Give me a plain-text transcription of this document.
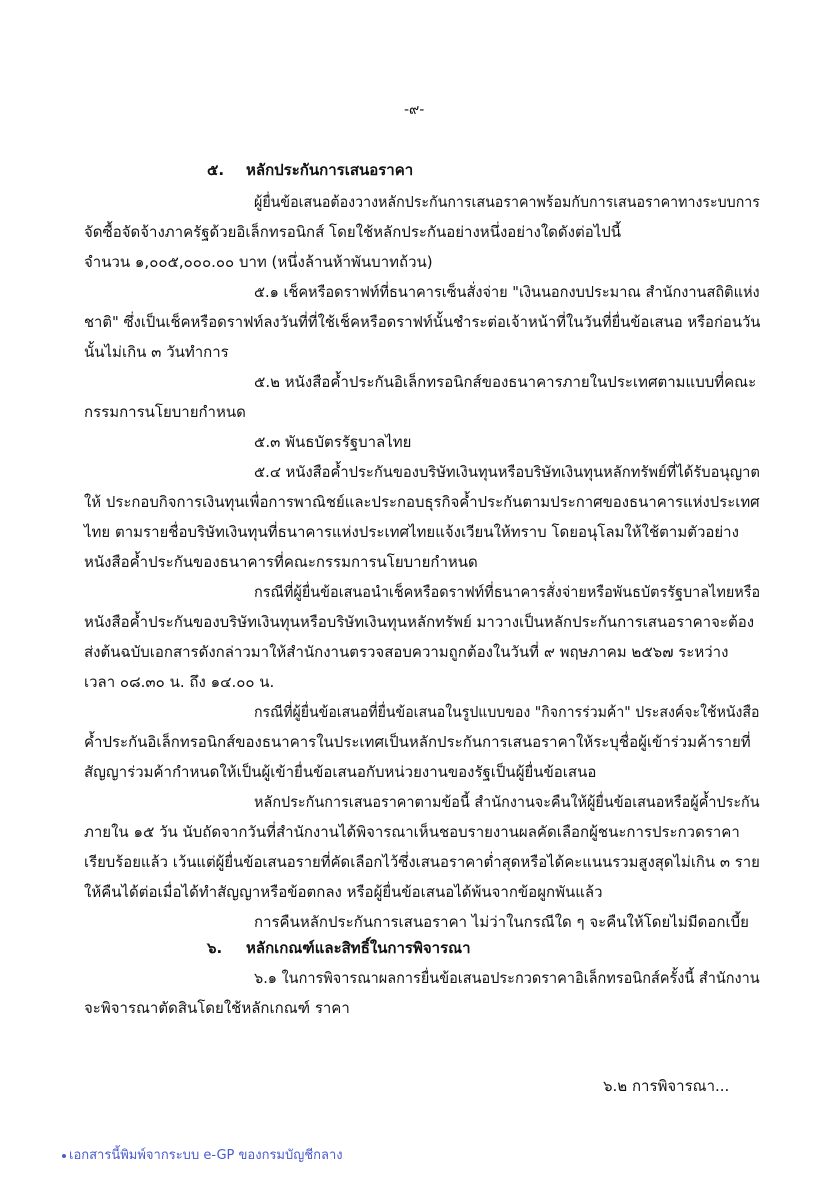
-๙-
๕. หลักประกันการเสนอราคา
ผู้ยื่นข้อเสนอต้องวางหลักประกันการเสนอราคาพร้อมกับการเสนอราคาทางระบบการ
จัดซื้อจัดจ้างภาครัฐด้วยอิเล็กทรอนิกส์ โดยใช้หลักประกันอย่างหนึ่งอย่างใดดังต่อไปนี้
จำนวน ๑,๐๐๕,๐๐๐.๐๐ บาท (หนึ่งล้านห้าพันบาทถ้วน)
๕.๑ เช็คหรือดราฟท์ที่ธนาคารเซ็นสั่งจ่าย "เงินนอกงบประมาณ สำนักงานสถิติแห่ง
ชาติ" ซึ่งเป็นเช็คหรือดราฟท์ลงวันที่ที่ใช้เช็คหรือดราฟท์นั้นชำระต่อเจ้าหน้าที่ในวันที่ยื่นข้อเสนอ หรือก่อนวัน
นั้นไม่เกิน ๓ วันทำการ
๕.๒ หนังสือค้ำประกันอิเล็กทรอนิกส์ของธนาคารภายในประเทศตามแบบที่คณะ
กรรมการนโยบายกำหนด
๕.๓ พันธบัตรรัฐบาลไทย
๕.๔ หนังสือค้ำประกันของบริษัทเงินทุนหรือบริษัทเงินทุนหลักทรัพย์ที่ได้รับอนุญาต
ให้ ประกอบกิจการเงินทุนเพื่อการพาณิชย์และประกอบธุรกิจค้ำประกันตามประกาศของธนาคารแห่งประเทศ
ไทย ตามรายชื่อบริษัทเงินทุนที่ธนาคารแห่งประเทศไทยแจ้งเวียนให้ทราบ โดยอนุโลมให้ใช้ตามตัวอย่าง
หนังสือค้ำประกันของธนาคารที่คณะกรรมการนโยบายกำหนด
กรณีที่ผู้ยื่นข้อเสนอนำเช็คหรือดราฟท์ที่ธนาคารสั่งจ่ายหรือพันธบัตรรัฐบาลไทยหรือ
หนังสือค้ำประกันของบริษัทเงินทุนหรือบริษัทเงินทุนหลักทรัพย์ มาวางเป็นหลักประกันการเสนอราคาจะต้อง
ส่งต้นฉบับเอกสารดังกล่าวมาให้สำนักงานตรวจสอบความถูกต้องในวันที่ ๙ พฤษภาคม ๒๕๖๗ ระหว่าง
เวลา ๐๘.๓๐ น. ถึง ๑๔.๐๐ น.
กรณีที่ผู้ยื่นข้อเสนอที่ยื่นข้อเสนอในรูปแบบของ "กิจการร่วมค้า" ประสงค์จะใช้หนังสือ
ค้ำประกันอิเล็กทรอนิกส์ของธนาคารในประเทศเป็นหลักประกันการเสนอราคาให้ระบุชื่อผู้เข้าร่วมค้ารายที่
สัญญาร่วมค้ากำหนดให้เป็นผู้เข้ายื่นข้อเสนอกับหน่วยงานของรัฐเป็นผู้ยื่นข้อเสนอ
หลักประกันการเสนอราคาตามข้อนี้ สำนักงานจะคืนให้ผู้ยื่นข้อเสนอหรือผู้ค้ำประกัน
ภายใน ๑๕ วัน นับถัดจากวันที่สำนักงานได้พิจารณาเห็นชอบรายงานผลคัดเลือกผู้ชนะการประกวดราคา
เรียบร้อยแล้ว เว้นแต่ผู้ยื่นข้อเสนอรายที่คัดเลือกไว้ซึ่งเสนอราคาต่ำสุดหรือได้คะแนนรวมสูงสุดไม่เกิน ๓ ราย
ให้คืนได้ต่อเมื่อได้ทำสัญญาหรือข้อตกลง หรือผู้ยื่นข้อเสนอได้พ้นจากข้อผูกพันแล้ว
การคืนหลักประกันการเสนอราคา ไม่ว่าในกรณีใด ๆ จะคืนให้โดยไม่มีดอกเบี้ย
๖. หลักเกณฑ์และสิทธิ์ในการพิจารณา
๖.๑ ในการพิจารณาผลการยื่นข้อเสนอประกวดราคาอิเล็กทรอนิกส์ครั้งนี้ สำนักงาน
จะพิจารณาตัดสินโดยใช้หลักเกณฑ์ ราคา
๖.๒ การพิจารณา...
เอกสารนี้พิมพ์จากระบบ e-GP ของกรมบัญชีกลาง
